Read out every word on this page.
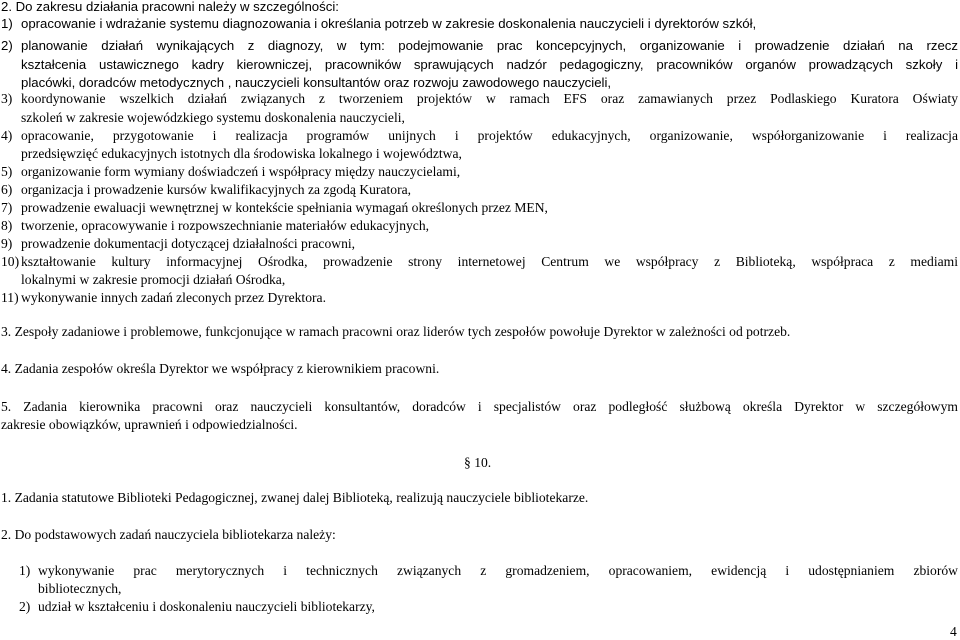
2. Do zakresu działania pracowni należy w szczególności:
1) opracowanie i wdrażanie systemu diagnozowania i określania potrzeb w zakresie doskonalenia nauczycieli i dyrektorów szkół,
2) planowanie działań wynikających z diagnozy, w tym: podejmowanie prac koncepcyjnych, organizowanie i prowadzenie działań na rzecz
kształcenia ustawicznego kadry kierowniczej, pracowników sprawujących nadzór pedagogiczny, pracowników organów prowadzących szkoły i
placówki, doradców metodycznych , nauczycieli konsultantów oraz rozwoju zawodowego nauczycieli,
3) koordynowanie wszelkich działań związanych z tworzeniem projektów w ramach EFS oraz zamawianych przez Podlaskiego Kuratora Oświaty
szkoleń w zakresie wojewódzkiego systemu doskonalenia nauczycieli,
4) opracowanie, przygotowanie i realizacja programów unijnych i projektów edukacyjnych, organizowanie, współorganizowanie i realizacja
przedsięwzięć edukacyjnych istotnych dla środowiska lokalnego i województwa,
5) organizowanie form wymiany doświadczeń i współpracy między nauczycielami,
6) organizacja i prowadzenie kursów kwalifikacyjnych za zgodą Kuratora,
7) prowadzenie ewaluacji wewnętrznej w kontekście spełniania wymagań określonych przez MEN,
8) tworzenie, opracowywanie i rozpowszechnianie materiałów edukacyjnych,
9) prowadzenie dokumentacji dotyczącej działalności pracowni,
10) kształtowanie kultury informacyjnej Ośrodka, prowadzenie strony internetowej Centrum we współpracy z Biblioteką, współpraca z mediami
lokalnymi w zakresie promocji działań Ośrodka,
11) wykonywanie innych zadań zleconych przez Dyrektora.
3. Zespoły zadaniowe i problemowe, funkcjonujące w ramach pracowni oraz liderów tych zespołów powołuje Dyrektor w zależności od potrzeb.
4. Zadania zespołów określa Dyrektor we współpracy z kierownikiem pracowni.
5. Zadania kierownika pracowni oraz nauczycieli konsultantów, doradców i specjalistów oraz podległość służbową określa Dyrektor w szczegółowym
zakresie obowiązków, uprawnień i odpowiedzialności.
§ 10.
1. Zadania statutowe Biblioteki Pedagogicznej, zwanej dalej Biblioteką, realizują nauczyciele bibliotekarze.
2. Do podstawowych zadań nauczyciela bibliotekarza należy:
1) wykonywanie prac merytorycznych i technicznych związanych z gromadzeniem, opracowaniem, ewidencją i udostępnianiem zbiorów
bibliotecznych,
2) udział w kształceniu i doskonaleniu nauczycieli bibliotekarzy,
4
